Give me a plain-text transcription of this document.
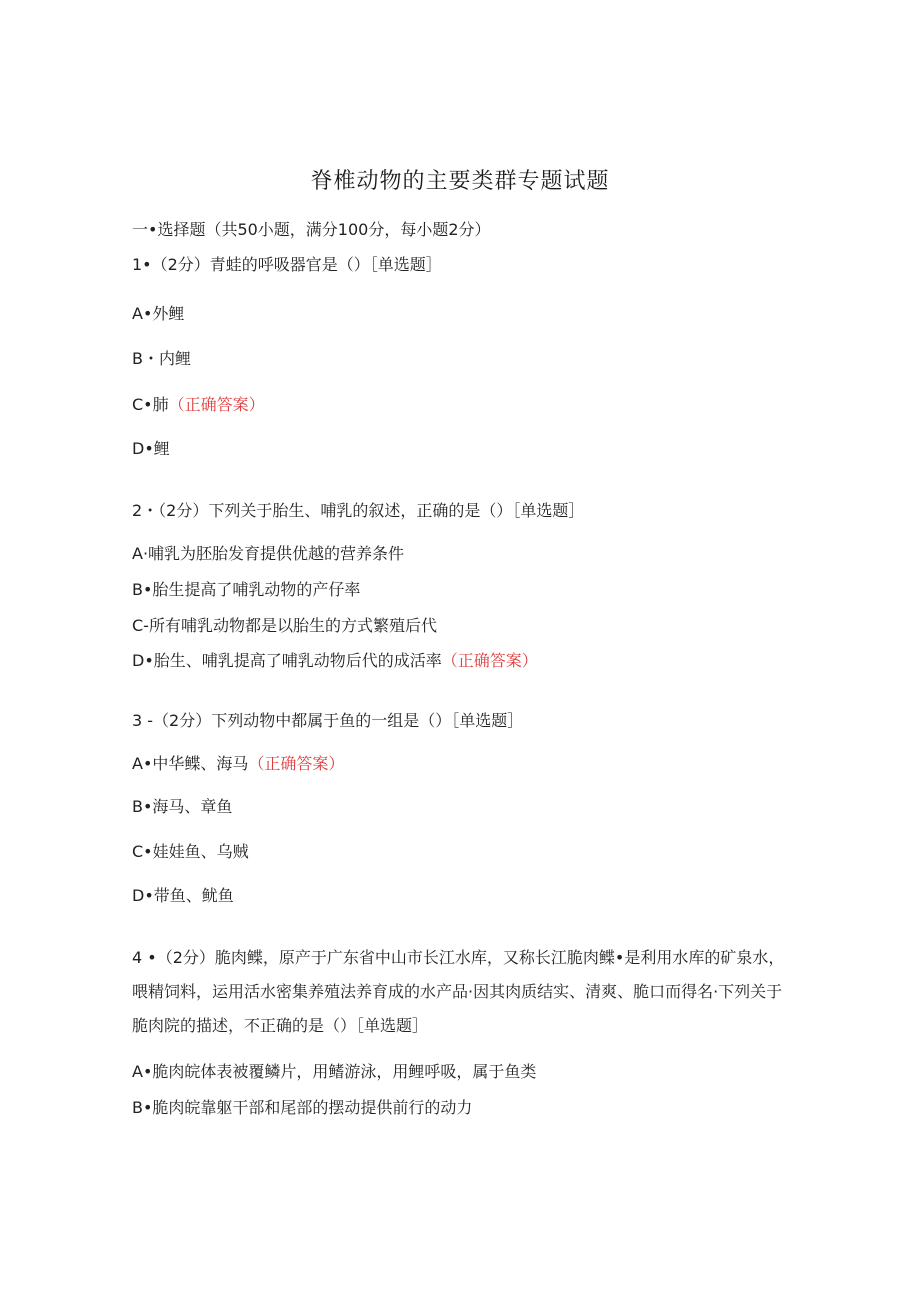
脊椎动物的主要类群专题试题
一•选择题（共50小题，满分100分，每小题2分）
1•（2分）青蛙的呼吸器官是（）［单选题］
A•外鲤
B・内鲤
C•肺（正确答案）
D•鲤
2・（2分）下列关于胎生、哺乳的叙述，正确的是（）［单选题］
A·哺乳为胚胎发育提供优越的营养条件
B•胎生提高了哺乳动物的产仔率
C-所有哺乳动物都是以胎生的方式繁殖后代
D•胎生、哺乳提高了哺乳动物后代的成活率（正确答案）
3 -（2分）下列动物中都属于鱼的一组是（）［单选题］
A•中华鲽、海马（正确答案）
B•海马、章鱼
C•娃娃鱼、乌贼
D•带鱼、鱿鱼
4 •（2分）脆肉鲽，原产于广东省中山市长江水库，又称长江脆肉鲽•是利用水库的矿泉水，喂精饲料，运用活水密集养殖法养育成的水产品·因其肉质结实、清爽、脆口而得名·下列关于脆肉院的描述，不正确的是（）［单选题］
A•脆肉皖体表被覆鳞片，用鳍游泳，用鲤呼吸，属于鱼类
B•脆肉皖靠躯干部和尾部的摆动提供前行的动力
